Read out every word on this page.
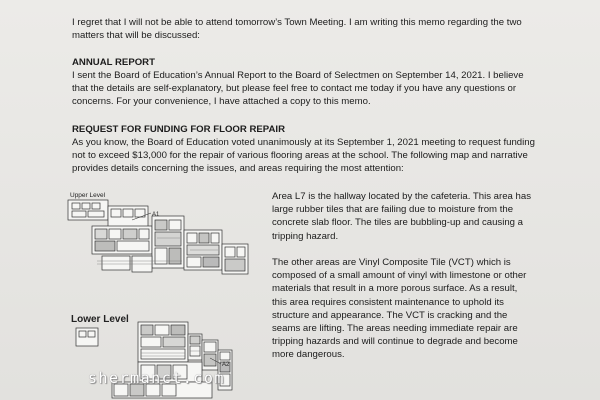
I regret that I will not be able to attend tomorrow’s Town Meeting. I am writing this memo regarding the two matters that will be discussed:

ANNUAL REPORT

I sent the Board of Education’s Annual Report to the Board of Selectmen on September 14, 2021. I believe that the details are self-explanatory, but please feel free to contact me today if you have any questions or concerns. For your convenience, I have attached a copy to this memo.

REQUEST FOR FUNDING FOR FLOOR REPAIR

As you know, the Board of Education voted unanimously at its September 1, 2021 meeting to request funding not to exceed $13,000 for the repair of various flooring areas at the school. The following map and narrative provides details concerning the issues, and areas requiring the most attention:

Area L7 is the hallway located by the cafeteria. This area has large rubber tiles that are failing due to moisture from the concrete slab floor. The tiles are bubbling-up and causing a tripping hazard.

The other areas are Vinyl Composite Tile (VCT) which is composed of a small amount of vinyl with limestone or other materials that result in a more porous surface. As a result, this area requires consistent maintenance to uphold its structure and appearance. The VCT is cracking and the seams are lifting. The areas needing immediate repair are tripping hazards and will continue to degrade and become more dangerous.

Upper Level
A1
Lower Level
A2
shermanct.com
